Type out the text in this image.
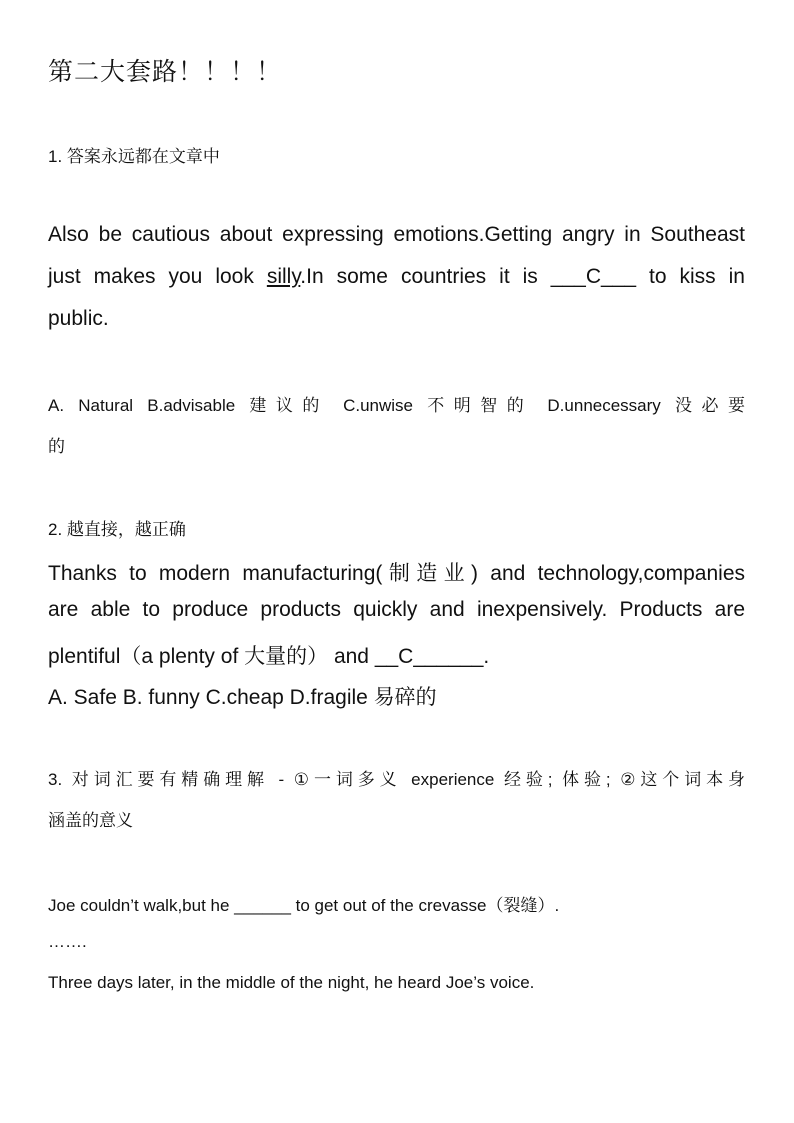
第二大套路！！！！
1. 答案永远都在文章中
Also be cautious about expressing emotions.Getting angry in Southeast
just makes you look silly.In some countries it is ___C___ to kiss in
public.
A. Natural B.advisable 建议的 C.unwise 不明智的 D.unnecessary 没必要
的
2. 越直接，越正确
Thanks to modern manufacturing(制造业) and technology,companies
are able to produce products quickly and inexpensively. Products are
plentiful（a plenty of 大量的） and __C______.
A. Safe B. funny C.cheap D.fragile 易碎的
3. 对词汇要有精确理解 - ①一词多义 experience 经验; 体验; ②这个词本身
涵盖的意义
Joe couldn’t walk,but he ______ to get out of the crevasse（裂缝）.
…….
Three days later, in the middle of the night, he heard Joe’s voice.
